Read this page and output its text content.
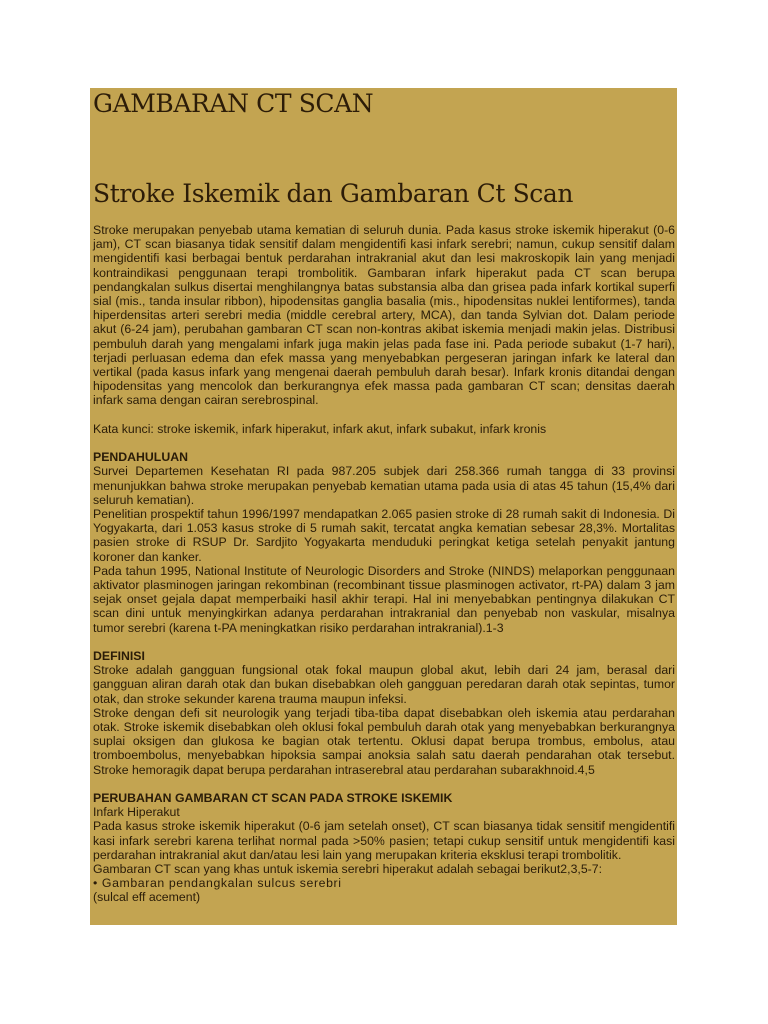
GAMBARAN CT SCAN
Stroke Iskemik dan Gambaran Ct Scan

Stroke merupakan penyebab utama kematian di seluruh dunia. Pada kasus stroke iskemik hiperakut (0-6 jam), CT scan biasanya tidak sensitif dalam mengidentifi kasi infark serebri; namun, cukup sensitif dalam mengidentifi kasi berbagai bentuk perdarahan intrakranial akut dan lesi makroskopik lain yang menjadi kontraindikasi penggunaan terapi trombolitik. Gambaran infark hiperakut pada CT scan berupa pendangkalan sulkus disertai menghilangnya batas substansia alba dan grisea pada infark kortikal superfi sial (mis., tanda insular ribbon), hipodensitas ganglia basalia (mis., hipodensitas nuklei lentiformes), tanda hiperdensitas arteri serebri media (middle cerebral artery, MCA), dan tanda Sylvian dot. Dalam periode akut (6-24 jam), perubahan gambaran CT scan non-kontras akibat iskemia menjadi makin jelas. Distribusi pembuluh darah yang mengalami infark juga makin jelas pada fase ini. Pada periode subakut (1-7 hari), terjadi perluasan edema dan efek massa yang menyebabkan pergeseran jaringan infark ke lateral dan vertikal (pada kasus infark yang mengenai daerah pembuluh darah besar). Infark kronis ditandai dengan hipodensitas yang mencolok dan berkurangnya efek massa pada gambaran CT scan; densitas daerah infark sama dengan cairan serebrospinal.

Kata kunci: stroke iskemik, infark hiperakut, infark akut, infark subakut, infark kronis

PENDAHULUAN

Survei Departemen Kesehatan RI pada 987.205 subjek dari 258.366 rumah tangga di 33 provinsi menunjukkan bahwa stroke merupakan penyebab kematian utama pada usia di atas 45 tahun (15,4% dari seluruh kematian).

Penelitian prospektif tahun 1996/1997 mendapatkan 2.065 pasien stroke di 28 rumah sakit di Indonesia. Di Yogyakarta, dari 1.053 kasus stroke di 5 rumah sakit, tercatat angka kematian sebesar 28,3%. Mortalitas pasien stroke di RSUP Dr. Sardjito Yogyakarta menduduki peringkat ketiga setelah penyakit jantung koroner dan kanker.

Pada tahun 1995, National Institute of Neurologic Disorders and Stroke (NINDS) melaporkan penggunaan aktivator plasminogen jaringan rekombinan (recombinant tissue plasminogen activator, rt-PA) dalam 3 jam sejak onset gejala dapat memperbaiki hasil akhir terapi. Hal ini menyebabkan pentingnya dilakukan CT scan dini untuk menyingkirkan adanya perdarahan intrakranial dan penyebab non vaskular, misalnya tumor serebri (karena t-PA meningkatkan risiko perdarahan intrakranial).1-3

DEFINISI

Stroke adalah gangguan fungsional otak fokal maupun global akut, lebih dari 24 jam, berasal dari gangguan aliran darah otak dan bukan disebabkan oleh gangguan peredaran darah otak sepintas, tumor otak, dan stroke sekunder karena trauma maupun infeksi.

Stroke dengan defi sit neurologik yang terjadi tiba-tiba dapat disebabkan oleh iskemia atau perdarahan otak. Stroke iskemik disebabkan oleh oklusi fokal pembuluh darah otak yang menyebabkan berkurangnya suplai oksigen dan glukosa ke bagian otak tertentu. Oklusi dapat berupa trombus, embolus, atau tromboembolus, menyebabkan hipoksia sampai anoksia salah satu daerah pendarahan otak tersebut. Stroke hemoragik dapat berupa perdarahan intraserebral atau perdarahan subarakhnoid.4,5

PERUBAHAN GAMBARAN CT SCAN PADA STROKE ISKEMIK

Infark Hiperakut

Pada kasus stroke iskemik hiperakut (0-6 jam setelah onset), CT scan biasanya tidak sensitif mengidentifi kasi infark serebri karena terlihat normal pada >50% pasien; tetapi cukup sensitif untuk mengidentifi kasi perdarahan intrakranial akut dan/atau lesi lain yang merupakan kriteria eksklusi terapi trombolitik.

Gambaran CT scan yang khas untuk iskemia serebri hiperakut adalah sebagai berikut2,3,5-7:

• Gambaran pendangkalan sulcus serebri

(sulcal eff acement)
